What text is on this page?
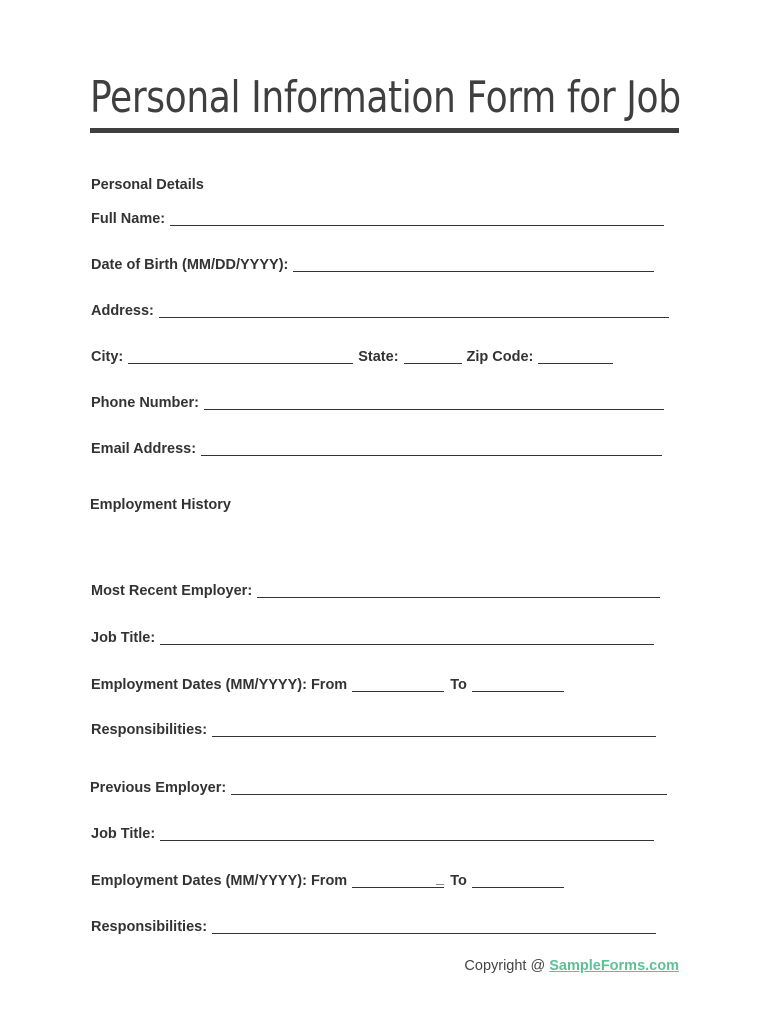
Personal Information Form for Job
Personal Details
Full Name:
Date of Birth (MM/DD/YYYY):
Address:
City:	State:	Zip Code:
Phone Number:
Email Address:
Employment History
Most Recent Employer:
Job Title:
Employment Dates (MM/YYYY): From	To
Responsibilities:
Previous Employer:
Job Title:
Employment Dates (MM/YYYY): From	_ To
Responsibilities:
Copyright @ SampleForms.com
